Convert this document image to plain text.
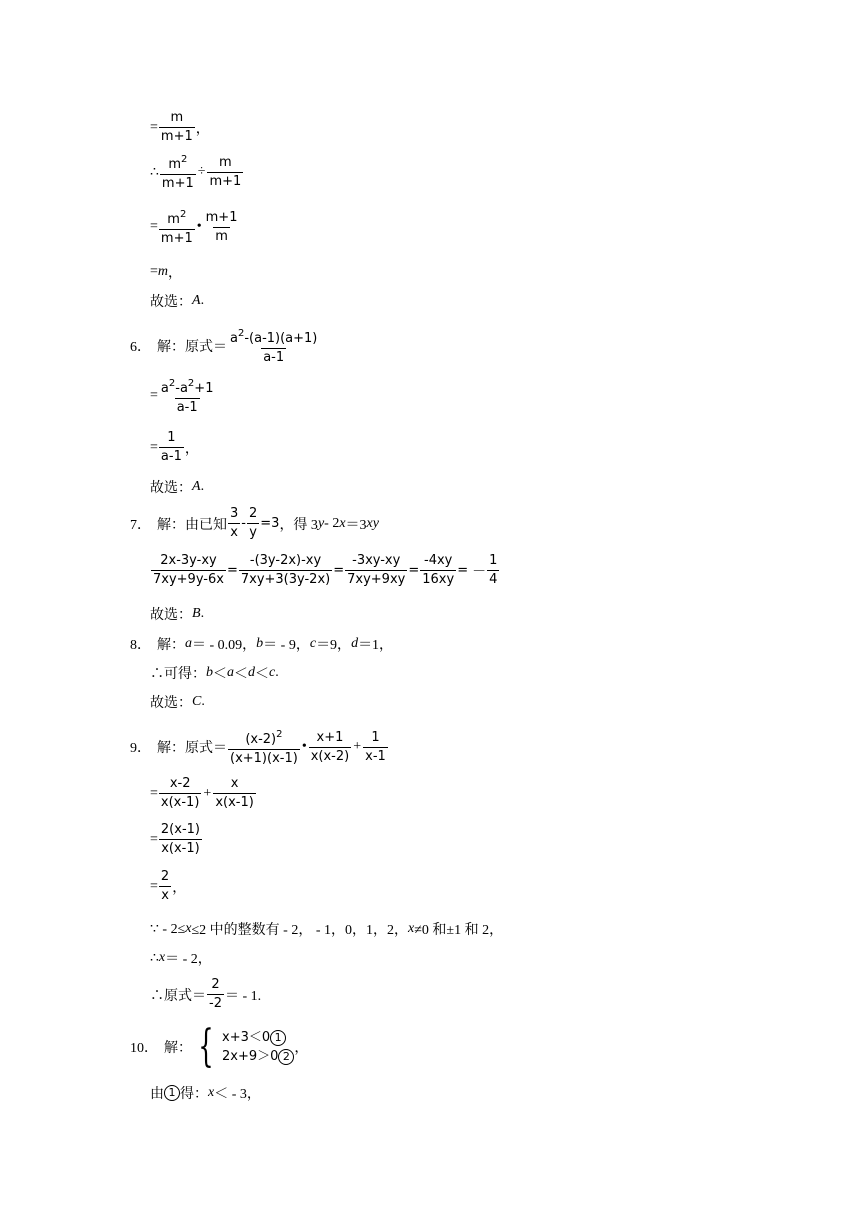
= $\frac{m}{m+1}$ ，
∴ $\frac{m^2}{m+1} \div \frac{m}{m+1}$
= $\frac{m^2}{m+1}$ • $\frac{m+1}{m}$
= m ，
故选： A .
6． 解：原式＝ $\frac{a^2-(a-1)(a+1)}{a-1}$
= $\frac{a^2-a^2+1}{a-1}$
= $\frac{1}{a-1}$ ，
故选： A .
7． 解：由已知 $\frac{3}{x} - \frac{2}{y} =3$ ，得 3 y - 2 x ＝3 xy
$\frac{2x-3y-xy}{7xy+9y-6x} = \frac{-(3y-2x)-xy}{7xy+3(3y-2x)} = \frac{-3xy-xy}{7xy+9xy} = \frac{-4xy}{16xy}$ = － $\frac{1}{4}$
故选： B .
8． 解： a ＝ - 0.09， b ＝ - 9， c ＝9， d ＝1，
∴可得： b ＜ a ＜ d ＜ c .
故选： C .
9． 解：原式＝ $\frac{(x-2)^2}{(x+1)(x-1)}$ • $\frac{x+1}{x(x-2)} + \frac{1}{x-1}$
= $\frac{x-2}{x(x-1)} + \frac{x}{x(x-1)}$
= $\frac{2(x-1)}{x(x-1)}$
= $\frac{2}{x}$ ，
∵ - 2≤ x ≤2 中的整数有 - 2， - 1，0，1，2， x ≠0 和±1 和 2，
∴ x ＝ - 2，
∴原式＝ $\frac{2}{-2}$ ＝ - 1.
10． 解： { x+3＜0 1
2x+9＞0 2
，
由 1 得： x ＜ - 3，
